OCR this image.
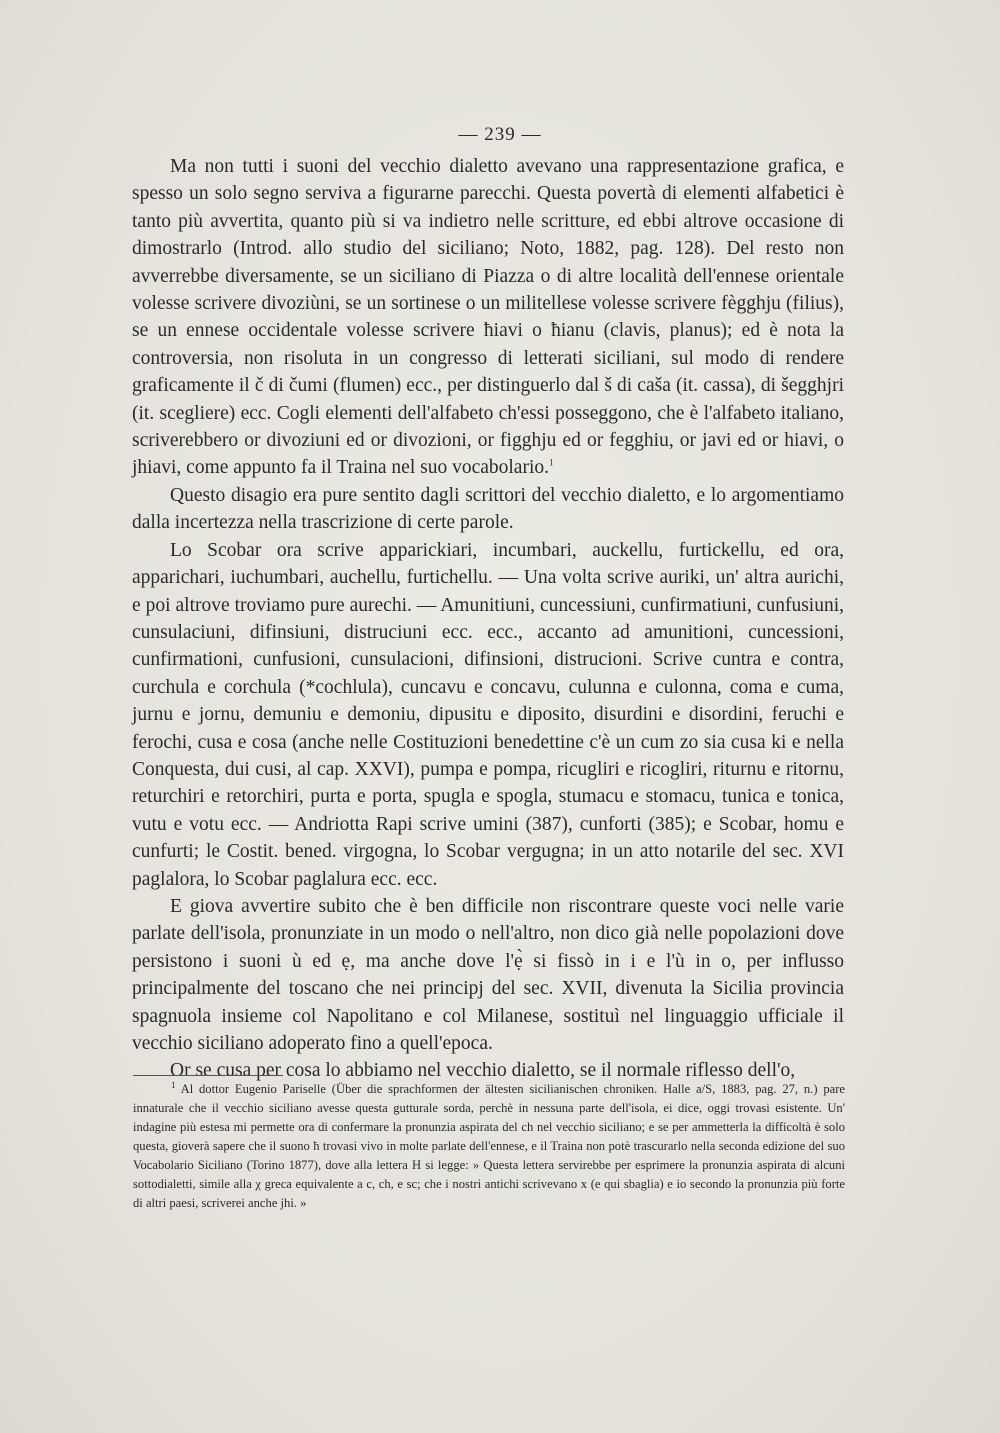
— 239 —

Ma non tutti i suoni del vecchio dialetto avevano una rappresentazione grafica, e spesso un solo segno serviva a figurarne parecchi. Questa povertà di elementi alfabetici è tanto più avvertita, quanto più si va indietro nelle scritture, ed ebbi altrove occasione di dimostrarlo (Introd. allo studio del siciliano; Noto, 1882, pag. 128). Del resto non avverrebbe diversamente, se un siciliano di Piazza o di altre località dell'ennese orientale volesse scrivere divoziùni, se un sortinese o un militellese volesse scrivere fègghju (filius), se un ennese occidentale volesse scrivere ħiavi o ħianu (clavis, planus); ed è nota la controversia, non risoluta in un congresso di letterati siciliani, sul modo di rendere graficamente il č di čumi (flumen) ecc., per distinguerlo dal š di caša (it. cassa), di šegghjri (it. scegliere) ecc. Cogli elementi dell'alfabeto ch'essi posseggono, che è l'alfabeto italiano, scriverebbero or divoziuni ed or divozioni, or figghju ed or fegghiu, or javi ed or hiavi, o jhiavi, come appunto fa il Traina nel suo vocabolario.$^1$

Questo disagio era pure sentito dagli scrittori del vecchio dialetto, e lo argomentiamo dalla incertezza nella trascrizione di certe parole.

Lo Scobar ora scrive apparickiari, incumbari, auckellu, furtickellu, ed ora, apparichari, iuchumbari, auchellu, furtichellu. — Una volta scrive auriki, un' altra aurichi, e poi altrove troviamo pure aurechi. — Amunitiuni, cuncessiuni, cunfirmatiuni, cunfusiuni, cunsulaciuni, difinsiuni, distruciuni ecc. ecc., accanto ad amunitioni, cuncessioni, cunfirmationi, cunfusioni, cunsulacioni, difinsioni, distrucioni. Scrive cuntra e contra, curchula e corchula (*cochlula), cuncavu e concavu, culunna e culonna, coma e cuma, jurnu e jornu, demuniu e demoniu, dipusitu e diposito, disurdini e disordini, feruchi e ferochi, cusa e cosa (anche nelle Costituzioni benedettine c'è un cum zo sia cusa ki e nella Conquesta, dui cusi, al cap. XXVI), pumpa e pompa, ricugliri e ricogliri, riturnu e ritornu, returchiri e retorchiri, purta e porta, spugla e spogla, stumacu e stomacu, tunica e tonica, vutu e votu ecc. — Andriotta Rapi scrive umini (387), cunforti (385); e Scobar, homu e cunfurti; le Costit. bened. virgogna, lo Scobar vergugna; in un atto notarile del sec. XVI paglalora, lo Scobar paglalura ecc. ecc.

E giova avvertire subito che è ben difficile non riscontrare queste voci nelle varie parlate dell'isola, pronunziate in un modo o nell'altro, non dico già nelle popolazioni dove persistono i suoni ù ed ẹ, ma anche dove l'ẹ̀ si fissò in i e l'ù in o, per influsso principalmente del toscano che nei principj del sec. XVII, divenuta la Sicilia provincia spagnuola insieme col Napolitano e col Milanese, sostituì nel linguaggio ufficiale il vecchio siciliano adoperato fino a quell'epoca.

Or se cusa per cosa lo abbiamo nel vecchio dialetto, se il normale riflesso dell'o,

$^1$ Al dottor Eugenio Pariselle (Über die sprachformen der ältesten sicilianischen chroniken. Halle a/S, 1883, pag. 27, n.) pare innaturale che il vecchio siciliano avesse questa gutturale sorda, perchè in nessuna parte dell'isola, ei dice, oggi trovasi esistente. Un' indagine più estesa mi permette ora di confermare la pronunzia aspirata del ch nel vecchio siciliano; e se per ammetterla la difficoltà è solo questa, gioverà sapere che il suono ħ trovasi vivo in molte parlate dell'ennese, e il Traina non potè trascurarlo nella seconda edizione del suo Vocabolario Siciliano (Torino 1877), dove alla lettera H si legge: » Questa lettera servirebbe per esprimere la pronunzia aspirata di alcuni sottodialetti, simile alla χ greca equivalente a c, ch, e sc; che i nostri antichi scrivevano x (e qui sbaglia) e io secondo la pronunzia più forte di altri paesi, scriverei anche jhi. »
